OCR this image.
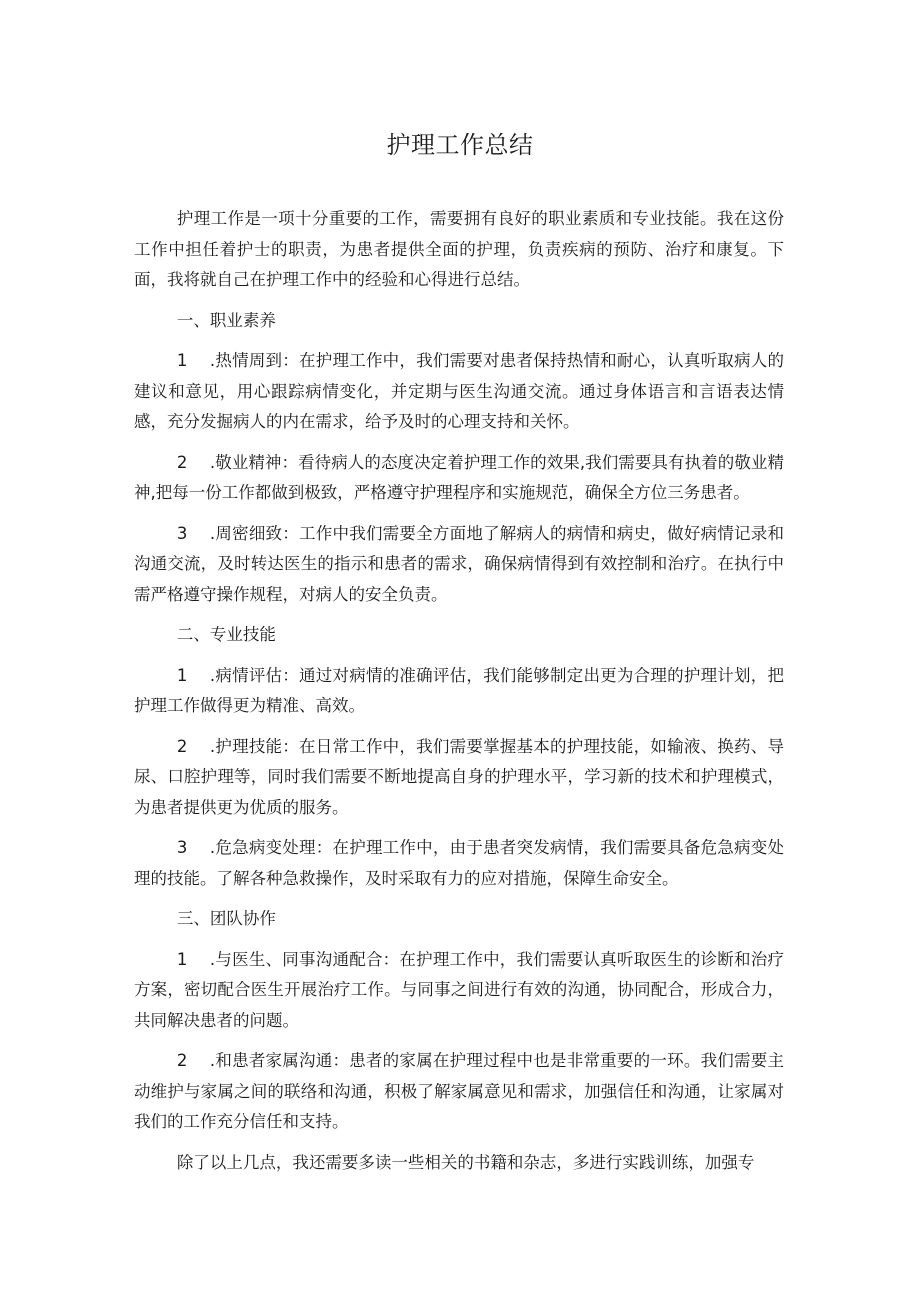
护理工作总结

护理工作是一项十分重要的工作，需要拥有良好的职业素质和专业技能。我在这份工作中担任着护士的职责，为患者提供全面的护理，负责疾病的预防、治疗和康复。下面，我将就自己在护理工作中的经验和心得进行总结。

一、职业素养

1 .热情周到：在护理工作中，我们需要对患者保持热情和耐心，认真听取病人的建议和意见，用心跟踪病情变化，并定期与医生沟通交流。通过身体语言和言语表达情感，充分发掘病人的内在需求，给予及时的心理支持和关怀。

2 .敬业精神：看待病人的态度决定着护理工作的效果,我们需要具有执着的敬业精神,把每一份工作都做到极致，严格遵守护理程序和实施规范，确保全方位三务患者。

3 .周密细致：工作中我们需要全方面地了解病人的病情和病史，做好病情记录和沟通交流，及时转达医生的指示和患者的需求，确保病情得到有效控制和治疗。在执行中需严格遵守操作规程，对病人的安全负责。

二、专业技能

1 .病情评估：通过对病情的准确评估，我们能够制定出更为合理的护理计划，把护理工作做得更为精准、高效。

2 .护理技能：在日常工作中，我们需要掌握基本的护理技能，如输液、换药、导尿、口腔护理等，同时我们需要不断地提高自身的护理水平，学习新的技术和护理模式，为患者提供更为优质的服务。

3 .危急病变处理：在护理工作中，由于患者突发病情，我们需要具备危急病变处理的技能。了解各种急救操作，及时采取有力的应对措施，保障生命安全。

三、团队协作

1 .与医生、同事沟通配合：在护理工作中，我们需要认真听取医生的诊断和治疗方案，密切配合医生开展治疗工作。与同事之间进行有效的沟通，协同配合，形成合力，共同解决患者的问题。

2 .和患者家属沟通：患者的家属在护理过程中也是非常重要的一环。我们需要主动维护与家属之间的联络和沟通，积极了解家属意见和需求，加强信任和沟通，让家属对我们的工作充分信任和支持。

除了以上几点，我还需要多读一些相关的书籍和杂志，多进行实践训练，加强专
